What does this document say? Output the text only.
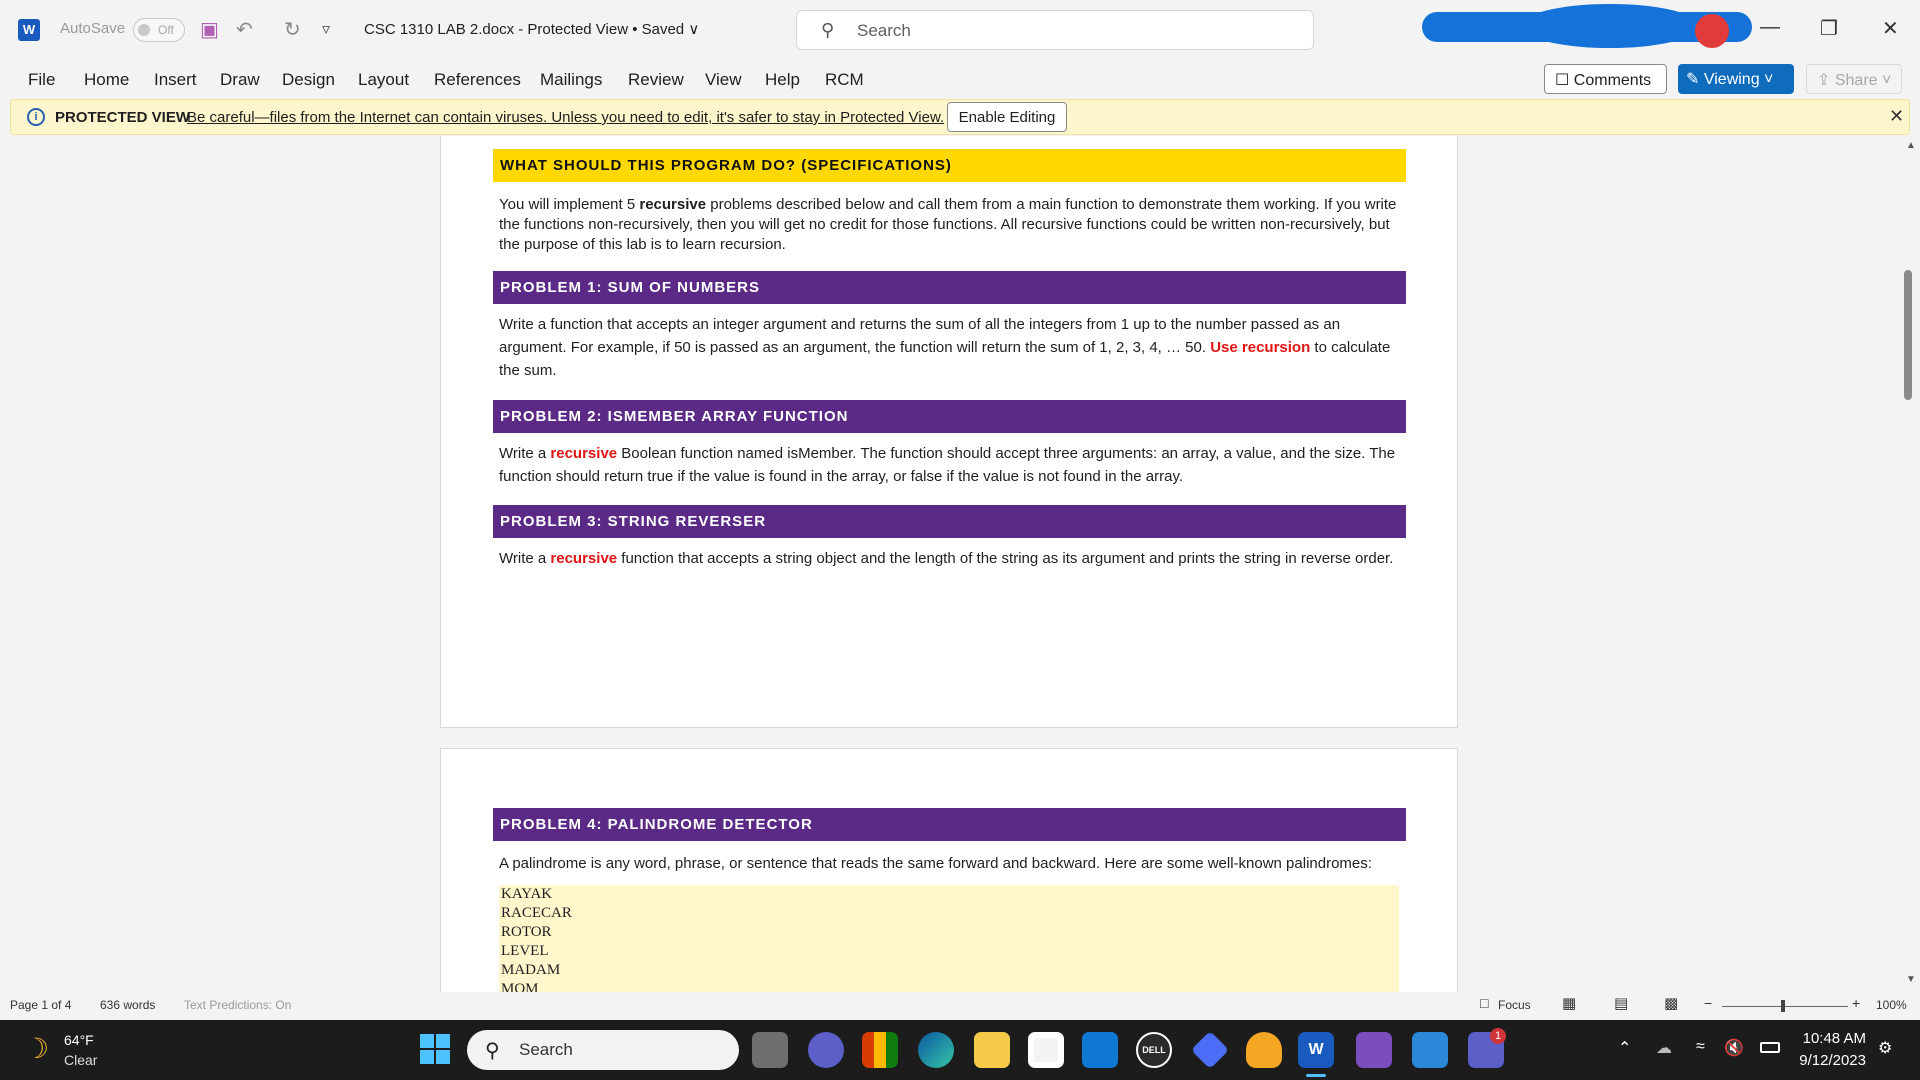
W	AutoSave	Off ▣ ↶ ↻ ▿ CSC 1310 LAB 2.docx - Protected View • Saved ∨	⚲ Search	— ❐ ✕
File Home Insert Draw Design Layout References Mailings Review View Help RCM	☐ Comments	✎ Viewing ˅	⇪ Share ˅
i	PROTECTED VIEW
Be careful—files from the Internet can contain viruses. Unless you need to edit, it's safer to stay in Protected View. Enable Editing	✕
WHAT SHOULD THIS PROGRAM DO? (SPECIFICATIONS)
You will implement 5 recursive problems described below and call them from a main function to demonstrate them working. If you write the functions non-recursively, then you will get no credit for those functions. All recursive functions could be written non-recursively, but the purpose of this lab is to learn recursion.
PROBLEM 1: SUM OF NUMBERS
Write a function that accepts an integer argument and returns the sum of all the integers from 1 up to the number passed as an argument. For example, if 50 is passed as an argument, the function will return the sum of 1, 2, 3, 4, … 50. Use recursion to calculate the sum.
PROBLEM 2: ISMEMBER ARRAY FUNCTION
Write a recursive Boolean function named isMember. The function should accept three arguments: an array, a value, and the size. The function should return true if the value is found in the array, or false if the value is not found in the array.
PROBLEM 3: STRING REVERSER
Write a recursive function that accepts a string object and the length of the string as its argument and prints the string in reverse order.
PROBLEM 4: PALINDROME DETECTOR
A palindrome is any word, phrase, or sentence that reads the same forward and backward. Here are some well-known palindromes:
KAYAK
RACECAR
ROTOR
LEVEL
MADAM
MOM
▲
▼
Page 1 of 4 636 words Text Predictions: On	□ Focus ▦	▤ ▩ −	+ 100%
☽ 64°F
Clear	⚲ Search	DELL	W
1
⌃ ☁ ≈ 🔇
10:48 AM
9/12/2023
⚙
